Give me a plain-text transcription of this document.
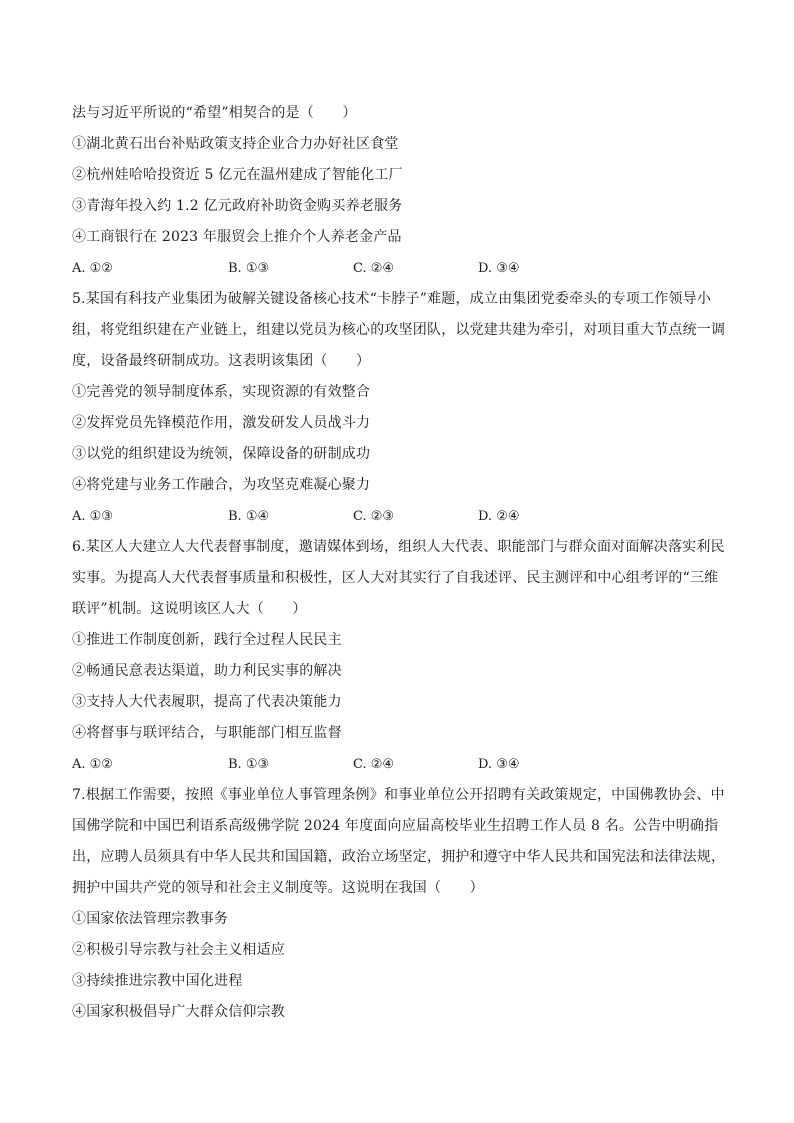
法与习近平所说的“希望”相契合的是（　　）
①湖北黄石出台补贴政策支持企业合力办好社区食堂
②杭州娃哈哈投资近 5 亿元在温州建成了智能化工厂
③青海年投入约 1.2 亿元政府补助资金购买养老服务
④工商银行在 2023 年服贸会上推介个人养老金产品
A. ①②	B. ①③	C. ②④	D. ③④
5.某国有科技产业集团为破解关键设备核心技术“卡脖子”难题，成立由集团党委牵头的专项工作领导小
组，将党组织建在产业链上，组建以党员为核心的攻坚团队，以党建共建为牵引，对项目重大节点统一调
度，设备最终研制成功。这表明该集团（　　）
①完善党的领导制度体系，实现资源的有效整合
②发挥党员先锋模范作用，激发研发人员战斗力
③以党的组织建设为统领，保障设备的研制成功
④将党建与业务工作融合，为攻坚克难凝心聚力
A. ①③	B. ①④	C. ②③	D. ②④
6.某区人大建立人大代表督事制度，邀请媒体到场，组织人大代表、职能部门与群众面对面解决落实利民
实事。为提高人大代表督事质量和积极性，区人大对其实行了自我述评、民主测评和中心组考评的“三维
联评”机制。这说明该区人大（　　）
①推进工作制度创新，践行全过程人民民主
②畅通民意表达渠道，助力利民实事的解决
③支持人大代表履职，提高了代表决策能力
④将督事与联评结合，与职能部门相互监督
A. ①②	B. ①③	C. ②④	D. ③④
7.根据工作需要，按照《事业单位人事管理条例》和事业单位公开招聘有关政策规定，中国佛教协会、中
国佛学院和中国巴利语系高级佛学院 2024 年度面向应届高校毕业生招聘工作人员 8 名。公告中明确指
出，应聘人员须具有中华人民共和国国籍，政治立场坚定，拥护和遵守中华人民共和国宪法和法律法规，
拥护中国共产党的领导和社会主义制度等。这说明在我国（　　）
①国家依法管理宗教事务
②积极引导宗教与社会主义相适应
③持续推进宗教中国化进程
④国家积极倡导广大群众信仰宗教
